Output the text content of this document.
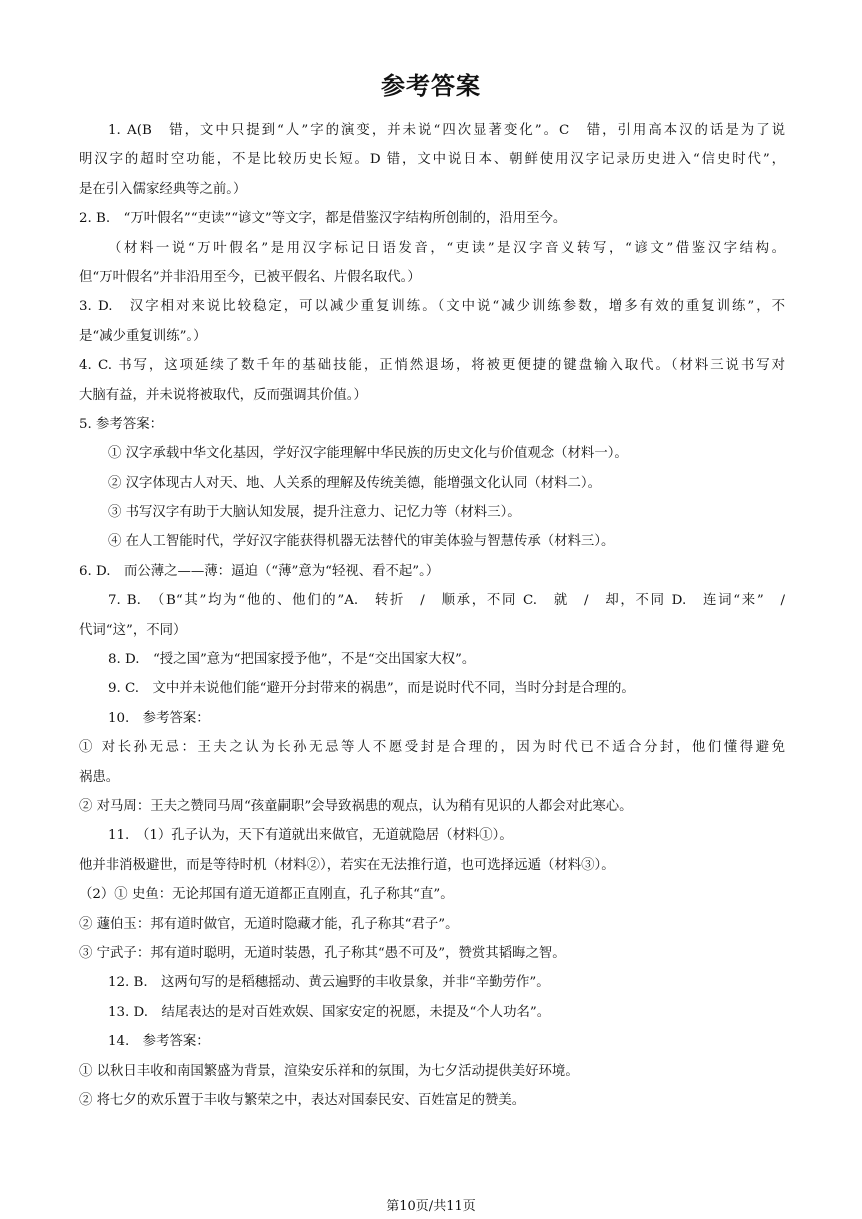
参考答案
1. A(B　错，文中只提到“人”字的演变，并未说“四次显著变化”。C　错，引用高本汉的话是为了说
明汉字的超时空功能，不是比较历史长短。D 错，文中说日本、朝鲜使用汉字记录历史进入“信史时代”，
是在引入儒家经典等之前。）
2. B.　“万叶假名”“吏读”“谚文”等文字，都是借鉴汉字结构所创制的，沿用至今。
（材料一说“万叶假名”是用汉字标记日语发音，“吏读”是汉字音义转写，“谚文”借鉴汉字结构。
但“万叶假名”并非沿用至今，已被平假名、片假名取代。）
3. D.　汉字相对来说比较稳定，可以减少重复训练。（文中说“减少训练参数，增多有效的重复训练”，不
是“减少重复训练”。）
4. C. 书写，这项延续了数千年的基础技能，正悄然退场，将被更便捷的键盘输入取代。（材料三说书写对
大脑有益，并未说将被取代，反而强调其价值。）
5. 参考答案：
① 汉字承载中华文化基因，学好汉字能理解中华民族的历史文化与价值观念（材料一）。
② 汉字体现古人对天、地、人关系的理解及传统美德，能增强文化认同（材料二）。
③ 书写汉字有助于大脑认知发展，提升注意力、记忆力等（材料三）。
④ 在人工智能时代，学好汉字能获得机器无法替代的审美体验与智慧传承（材料三）。
6. D.　而公薄之——薄：逼迫（“薄”意为“轻视、看不起”。）
7. B.　（B“其”均为“他的、他们的”A.　转折　/　顺承，不同 C.　就　/　却，不同 D.　连词“来”　/
代词“这”，不同）
8. D.　“授之国”意为“把国家授予他”，不是“交出国家大权”。
9. C.　文中并未说他们能“避开分封带来的祸患”，而是说时代不同，当时分封是合理的。
10.　参考答案：
① 对长孙无忌：王夫之认为长孙无忌等人不愿受封是合理的，因为时代已不适合分封，他们懂得避免
祸患。
② 对马周：王夫之赞同马周“孩童嗣职”会导致祸患的观点，认为稍有见识的人都会对此寒心。
11.　（1）孔子认为，天下有道就出来做官，无道就隐居（材料①）。
他并非消极避世，而是等待时机（材料②），若实在无法推行道，也可选择远遁（材料③）。
（2）① 史鱼：无论邦国有道无道都正直刚直，孔子称其“直”。
② 蘧伯玉：邦有道时做官，无道时隐藏才能，孔子称其“君子”。
③ 宁武子：邦有道时聪明，无道时装愚，孔子称其“愚不可及”，赞赏其韬晦之智。
12. B.　这两句写的是稻穗摇动、黄云遍野的丰收景象，并非“辛勤劳作”。
13. D.　结尾表达的是对百姓欢娱、国家安定的祝愿，未提及“个人功名”。
14.　参考答案：
① 以秋日丰收和南国繁盛为背景，渲染安乐祥和的氛围，为七夕活动提供美好环境。
② 将七夕的欢乐置于丰收与繁荣之中，表达对国泰民安、百姓富足的赞美。
第10页/共11页
